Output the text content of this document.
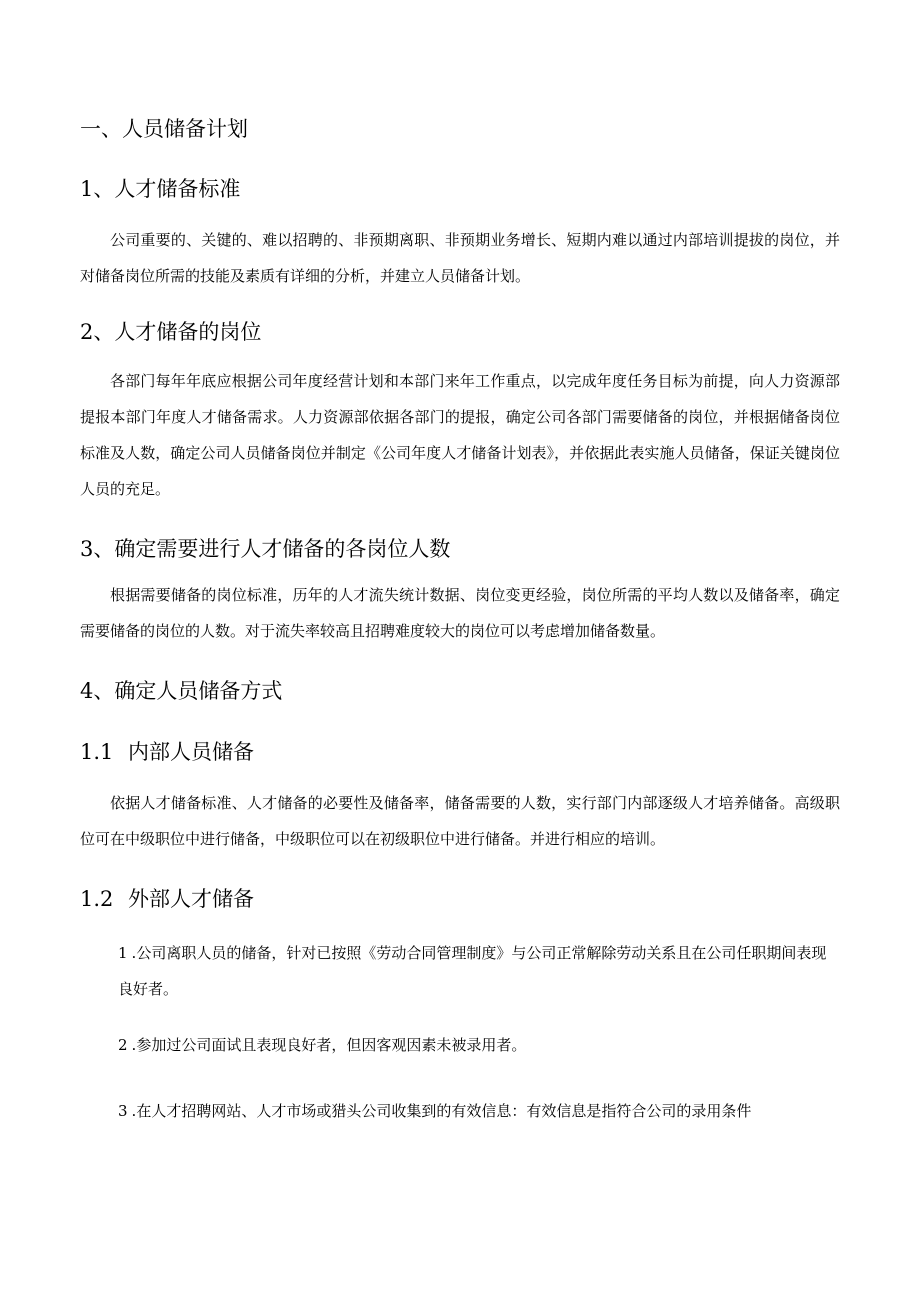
一、人员储备计划
1、人才储备标准

公司重要的、关键的、难以招聘的、非预期离职、非预期业务增长、短期内难以通过内部培训提拔的岗位，并对储备岗位所需的技能及素质有详细的分析，并建立人员储备计划。

2、人才储备的岗位

各部门每年年底应根据公司年度经营计划和本部门来年工作重点，以完成年度任务目标为前提，向人力资源部提报本部门年度人才储备需求。人力资源部依据各部门的提报，确定公司各部门需要储备的岗位，并根据储备岗位标准及人数，确定公司人员储备岗位并制定《公司年度人才储备计划表》，并依据此表实施人员储备，保证关键岗位人员的充足。

3、确定需要进行人才储备的各岗位人数

根据需要储备的岗位标准，历年的人才流失统计数据、岗位变更经验，岗位所需的平均人数以及储备率，确定需要储备的岗位的人数。对于流失率较高且招聘难度较大的岗位可以考虑增加储备数量。

4、确定人员储备方式
1.1 内部人员储备

依据人才储备标准、人才储备的必要性及储备率，储备需要的人数，实行部门内部逐级人才培养储备。高级职位可在中级职位中进行储备，中级职位可以在初级职位中进行储备。并进行相应的培训。

1.2 外部人才储备

1 .公司离职人员的储备，针对已按照《劳动合同管理制度》与公司正常解除劳动关系且在公司任职期间表现良好者。

2 .参加过公司面试且表现良好者，但因客观因素未被录用者。

3 .在人才招聘网站、人才市场或猎头公司收集到的有效信息：有效信息是指符合公司的录用条件
